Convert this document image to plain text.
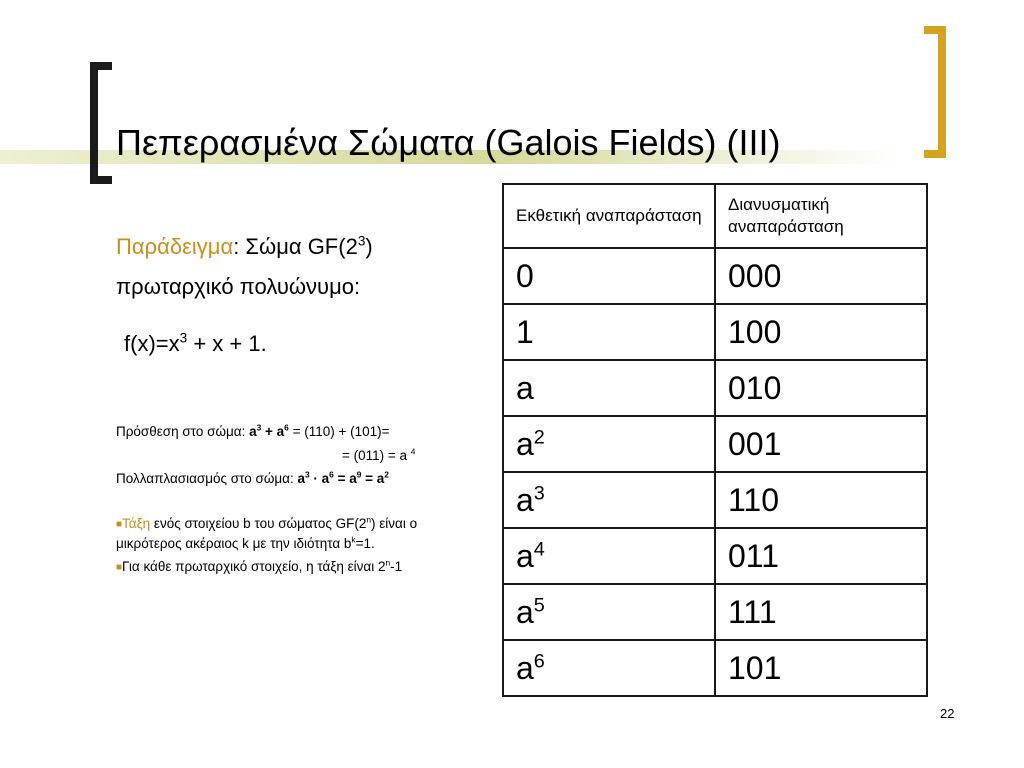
Πεπερασμένα Σώματα (Galois Fields) (ΙΙΙ)
Παράδειγμα: Σώμα $GF(2^3)$
πρωταρχικό πολυώνυμο:
$f(x)=x^3 + x + 1$.
Πρόσθεση στο σώμα: $a^3 + a^6 = (110) + (101)=$
= (011) = a $^4$
Πολλαπλασιασμός στο σώμα: $a^3 \cdot a^6 = a^9 = a^2$
■Τάξη ενός στοιχείου b του σώματος GF(2$^n$) είναι ο
μικρότερος ακέραιος k με την ιδιότητα $b^k=1$.
■Για κάθε πρωταρχικό στοιχείο, η τάξη είναι 2$^n$-1
Εκθετική αναπαράσταση	Διανυσματική αναπαράσταση
0	000
1	100
a	010
$a^2$	001
$a^3$	110
$a^4$	011
$a^5$	111
$a^6$	101
22
